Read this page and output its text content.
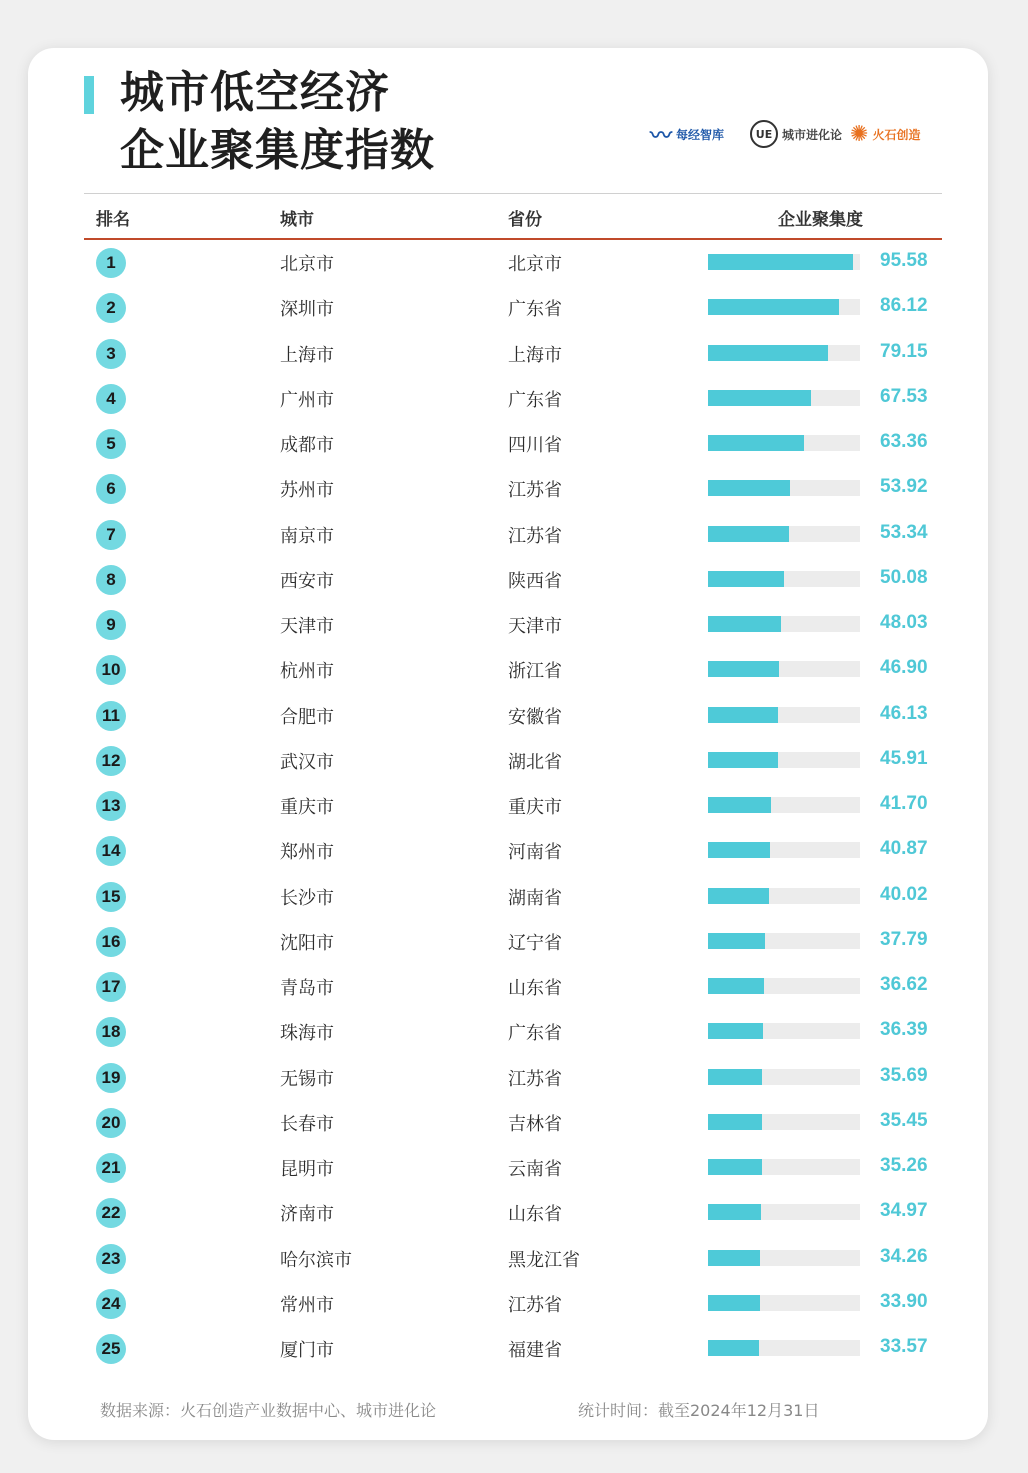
城市低空经济
企业聚集度指数	〰 每经智库	UE 城市进化论 ✺ 火石创造
排名	城市	省份	企业聚集度
1	北京市	北京市	95.58
2	深圳市	广东省	86.12
3	上海市	上海市	79.15
4	广州市	广东省	67.53
5	成都市	四川省	63.36
6	苏州市	江苏省	53.92
7	南京市	江苏省	53.34
8	西安市	陕西省	50.08
9	天津市	天津市	48.03
10	杭州市	浙江省	46.90
11	合肥市	安徽省	46.13
12	武汉市	湖北省	45.91
13	重庆市	重庆市	41.70
14	郑州市	河南省	40.87
15	长沙市	湖南省	40.02
16	沈阳市	辽宁省	37.79
17	青岛市	山东省	36.62
18	珠海市	广东省	36.39
19	无锡市	江苏省	35.69
20	长春市	吉林省	35.45
21	昆明市	云南省	35.26
22	济南市	山东省	34.97
23	哈尔滨市	黑龙江省	34.26
24	常州市	江苏省	33.90
25	厦门市	福建省	33.57
数据来源：火石创造产业数据中心、城市进化论	统计时间：截至2024年12月31日
